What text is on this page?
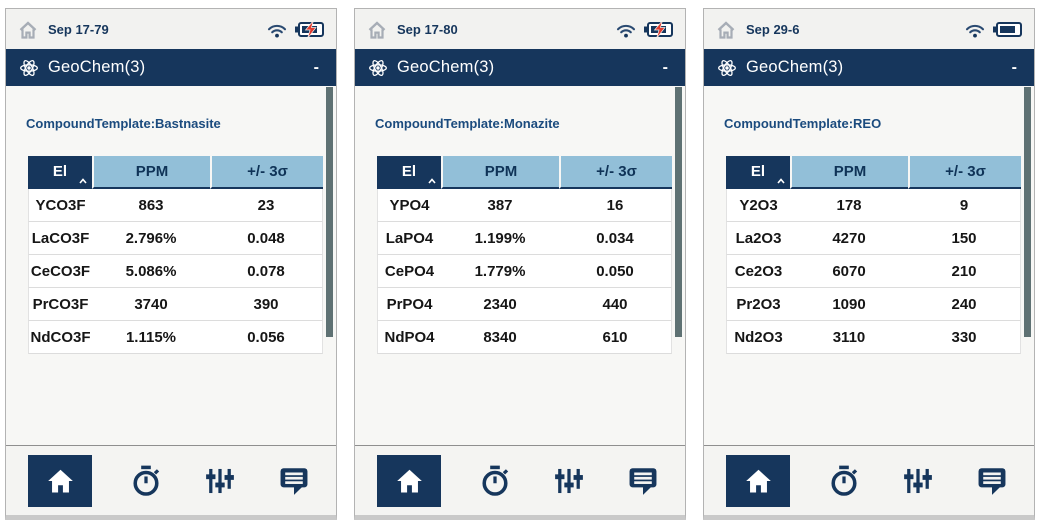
Sep 17-79
GeoChem(3)	-
CompoundTemplate:Bastnasite
El	PPM	+/- 3σ
YCO3F	863	23
LaCO3F	2.796%	0.048
CeCO3F	5.086%	0.078
PrCO3F	3740	390
NdCO3F	1.115%	0.056
Sep 17-80
GeoChem(3)	-
CompoundTemplate:Monazite
El	PPM	+/- 3σ
YPO4	387	16
LaPO4	1.199%	0.034
CePO4	1.779%	0.050
PrPO4	2340	440
NdPO4	8340	610
Sep 29-6
GeoChem(3)	-
CompoundTemplate:REO
El	PPM	+/- 3σ
Y2O3	178	9
La2O3	4270	150
Ce2O3	6070	210
Pr2O3	1090	240
Nd2O3	3110	330
